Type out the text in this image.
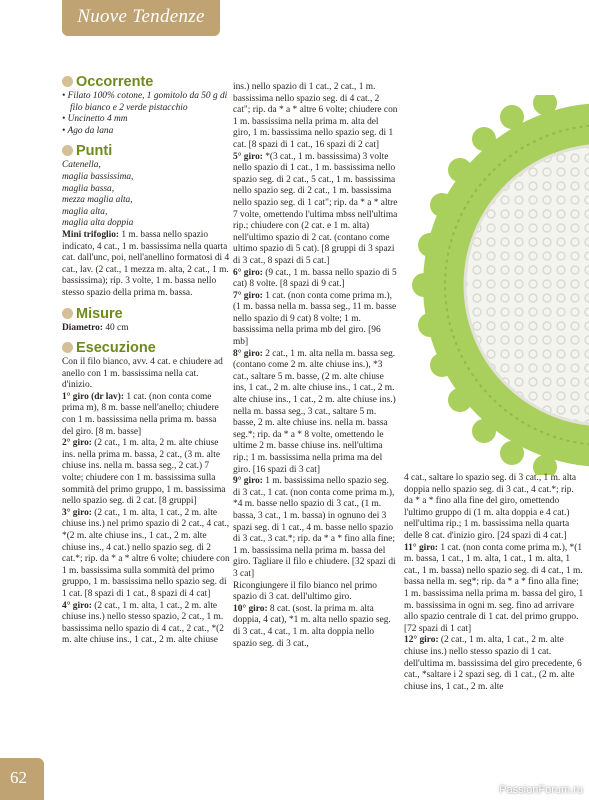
Nuove Tendenze
Occorrente

• Filato 100% cotone, 1 gomitolo da 50 g di filo bianco e 2 verde pistacchio

• Uncinetto 4 mm

• Ago da lana

Punti

Catenella,

maglia bassissima,

maglia bassa,

mezza maglia alta,

maglia alta,

maglia alta doppia

Mini trifoglio: 1 m. bassa nello spazio indicato, 4 cat., 1 m. bassissima nella quarta cat. dall'unc, poi, nell'anellino formatosi di 4 cat., lav. (2 cat., 1 mezza m. alta, 2 cat., 1 m. bassissima); rip. 3 volte, 1 m. bassa nello stesso spazio della prima m. bassa.

Misure

Diametro: 40 cm

Esecuzione

Con il filo bianco, avv. 4 cat. e chiudere ad anello con 1 m. bassissima nella cat. d'inizio.

1° giro (dr lav): 1 cat. (non conta come prima m), 8 m. basse nell'anello; chiudere con 1 m. bassissima nella prima m. bassa del giro. [8 m. basse]

2° giro: (2 cat., 1 m. alta, 2 m. alte chiuse ins. nella prima m. bassa, 2 cat., (3 m. alte chiuse ins. nella m. bassa seg., 2 cat.) 7 volte; chiudere con 1 m. bassissima sulla sommità del primo gruppo, 1 m. bassissima nello spazio seg. di 2 cat. [8 gruppi]

3° giro: (2 cat., 1 m. alta, 1 cat., 2 m. alte chiuse ins.) nel primo spazio di 2 cat., 4 cat., *(2 m. alte chiuse ins., 1 cat., 2 m. alte chiuse ins., 4 cat.) nello spazio seg. di 2 cat.*; rip. da * a * altre 6 volte; chiudere con 1 m. bassissima sulla sommità del primo gruppo, 1 m. bassissima nello spazio seg. di 1 cat. [8 spazi di 1 cat., 8 spazi di 4 cat]

4° giro: (2 cat., 1 m. alta, 1 cat., 2 m. alte chiuse ins.) nello stesso spazio, 2 cat., 1 m. bassissima nello spazio di 4 cat., 2 cat., *(2 m. alte chiuse ins., 1 cat., 2 m. alte chiuse

ins.) nello spazio di 1 cat., 2 cat., 1 m. bassissima nello spazio seg. di 4 cat., 2 cat"; rip. da * a * altre 6 volte; chiudere con 1 m. bassissima nella prima m. alta del giro, 1 m. bassissima nello spazio seg. di 1 cat. [8 spazi di 1 cat., 16 spazi di 2 cat]

5° giro: *(3 cat., 1 m. bassissima) 3 volte nello spazio di 1 cat., 1 m. bassissima nello spazio seg. di 2 cat., 5 cat., 1 m. bassissima nello spazio seg. di 2 cat., 1 m. bassissima nello spazio seg. di 1 cat"; rip. da * a * altre 7 volte, omettendo l'ultima mbss nell'ultima rip.; chiudere con (2 cat. e 1 m. alta) nell'ultimo spazio di 2 cat. (contano come ultimo spazio di 5 cat). [8 gruppi di 3 spazi di 3 cat., 8 spazi di 5 cat.]

6° giro: (9 cat., 1 m. bassa nello spazio di 5 cat) 8 volte. [8 spazi di 9 cat.]

7° giro: 1 cat. (non conta come prima m.), (1 m. bassa nella m. bassa seg., 11 m. basse nello spazio di 9 cat) 8 volte; 1 m. bassissima nella prima mb del giro. [96 mb]

8° giro: 2 cat., 1 m. alta nella m. bassa seg. (contano come 2 m. alte chiuse ins.), *3 cat., saltare 5 m. basse, (2 m. alte chiuse ins, 1 cat., 2 m. alte chiuse ins., 1 cat., 2 m. alte chiuse ins., 1 cat., 2 m. alte chiuse ins.) nella m. bassa seg., 3 cat., saltare 5 m. basse, 2 m. alte chiuse ins. nella m. bassa seg.*; rip. da * a * 8 volte, omettendo le ultime 2 m. basse chiuse ins. nell'ultima rip.; 1 m. bassissima nella prima ma del giro. [16 spazi di 3 cat]

9° giro: 1 m. bassissima nello spazio seg. di 3 cat., 1 cat. (non conta come prima m.), *4 m. basse nello spazio di 3 cat., (1 m. bassa, 3 cat., 1 m. bassa) in ognuno dei 3 spazi seg. di 1 cat., 4 m. basse nello spazio di 3 cat., 3 cat.*; rip. da * a * fino alla fine; 1 m. bassissima nella prima m. bassa del giro. Tagliare il filo e chiudere. [32 spazi di 3 cat]

Ricongiungere il filo bianco nel primo spazio di 3 cat. dell'ultimo giro.

10° giro: 8 cat. (sost. la prima m. alta doppia, 4 cat), *1 m. alta nello spazio seg. di 3 cat., 4 cat., 1 m. alta doppia nello spazio seg. di 3 cat.,

4 cat., saltare lo spazio seg. di 3 cat., 1 m. alta doppia nello spazio seg. di 3 cat., 4 cat.*; rip. da * a * fino alla fine del giro, omettendo l'ultimo gruppo di (1 m. alta doppia e 4 cat.) nell'ultima rip.; 1 m. bassissima nella quarta delle 8 cat. d'inizio giro. [24 spazi di 4 cat.]

11° giro: 1 cat. (non conta come prima m.), *(1 m. bassa, 1 cat., 1 m. alta, 1 cat., 1 m. alta, 1 cat., 1 m. bassa) nello spazio seg. di 4 cat., 1 m. bassa nella m. seg*; rip. da * a * fino alla fine; 1 m. bassissima nella prima m. bassa del giro, 1 m. bassissima in ogni m. seg. fino ad arrivare allo spazio centrale di 1 cat. del primo gruppo. [72 spazi di 1 cat]

12° giro: (2 cat., 1 m. alta, 1 cat., 2 m. alte chiuse ins.) nello stesso spazio di 1 cat. dell'ultima m. bassissima del giro precedente, 6 cat., *saltare i 2 spazi seg. di 1 cat., (2 m. alte chiuse ins, 1 cat., 2 m. alte

62
PassionForum.ru
